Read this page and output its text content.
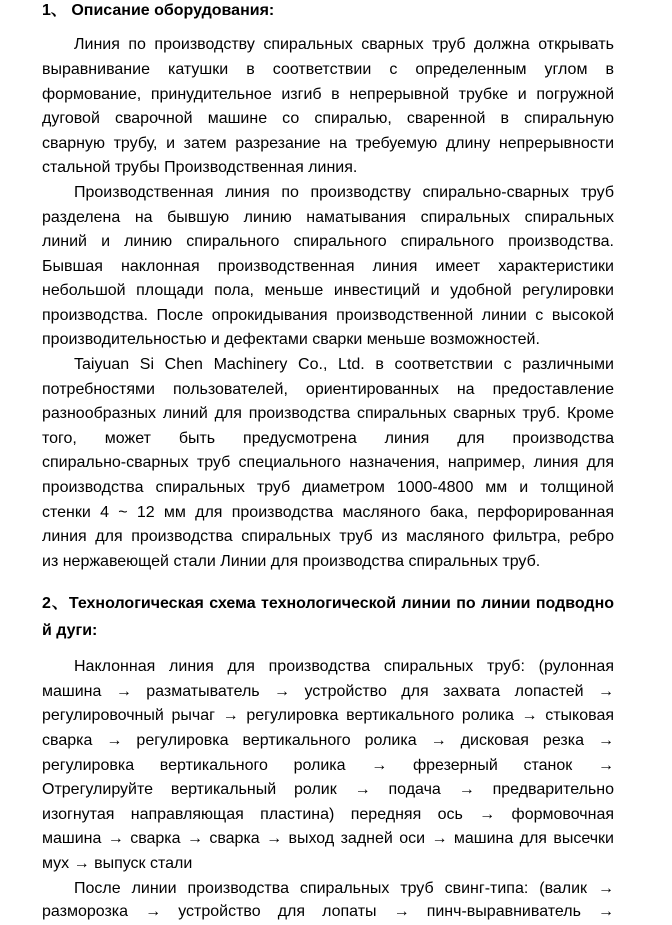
1、 Описание оборудования:
Линия по производству спиральных сварных труб должна открывать
выравнивание катушки в соответствии с определенным углом в
формование, принудительное изгиб в непрерывной трубке и погружной
дуговой сварочной машине со спиралью, сваренной в спиральную
сварную трубу, и затем разрезание на требуемую длину непрерывности
стальной трубы Производственная линия.
Производственная линия по производству спирально-сварных труб
разделена на бывшую линию наматывания спиральных спиральных
линий и линию спирального спирального спирального производства.
Бывшая наклонная производственная линия имеет характеристики
небольшой площади пола, меньше инвестиций и удобной регулировки
производства. После опрокидывания производственной линии с высокой
производительностью и дефектами сварки меньше возможностей.
Taiyuan Si Chen Machinery Co., Ltd. в соответствии с различными
потребностями пользователей, ориентированных на предоставление
разнообразных линий для производства спиральных сварных труб. Кроме
того, может быть предусмотрена линия для производства
спирально-сварных труб специального назначения, например, линия для
производства спиральных труб диаметром 1000-4800 мм и толщиной
стенки 4 ~ 12 мм для производства масляного бака, перфорированная
линия для производства спиральных труб из масляного фильтра, ребро
из нержавеющей стали Линии для производства спиральных труб.
2、Технологическая схема технологической линии по линии подводно
й дуги:
Наклонная линия для производства спиральных труб: (рулонная
машина → разматыватель → устройство для захвата лопастей →
регулировочный рычаг → регулировка вертикального ролика → стыковая
сварка → регулировка вертикального ролика → дисковая резка →
регулировка вертикального ролика → фрезерный станок →
Отрегулируйте вертикальный ролик → подача → предварительно
изогнутая направляющая пластина) передняя ось → формовочная
машина → сварка → сварка → выход задней оси → машина для высечки
мух → выпуск стали
После линии производства спиральных труб свинг-типа: (валик →
разморозка → устройство для лопаты → пинч-выравниватель →
